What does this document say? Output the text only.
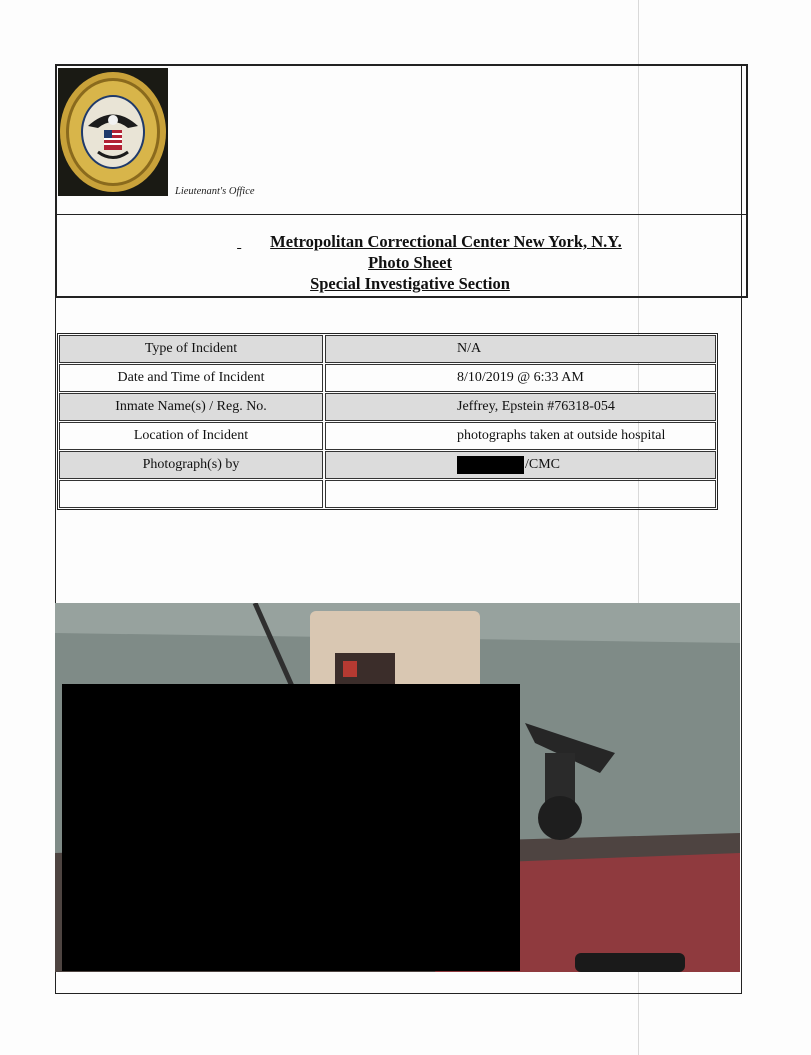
Lieutenant's Office
Metropolitan Correctional Center New York, N.Y.
Photo Sheet
Special Investigative Section
Type of Incident	N/A
Date and Time of Incident	8/10/2019 @ 6:33 AM
Inmate Name(s) / Reg. No.	Jeffrey, Epstein #76318-054
Location of Incident	photographs taken at outside hospital
Photograph(s) by	/CMC
